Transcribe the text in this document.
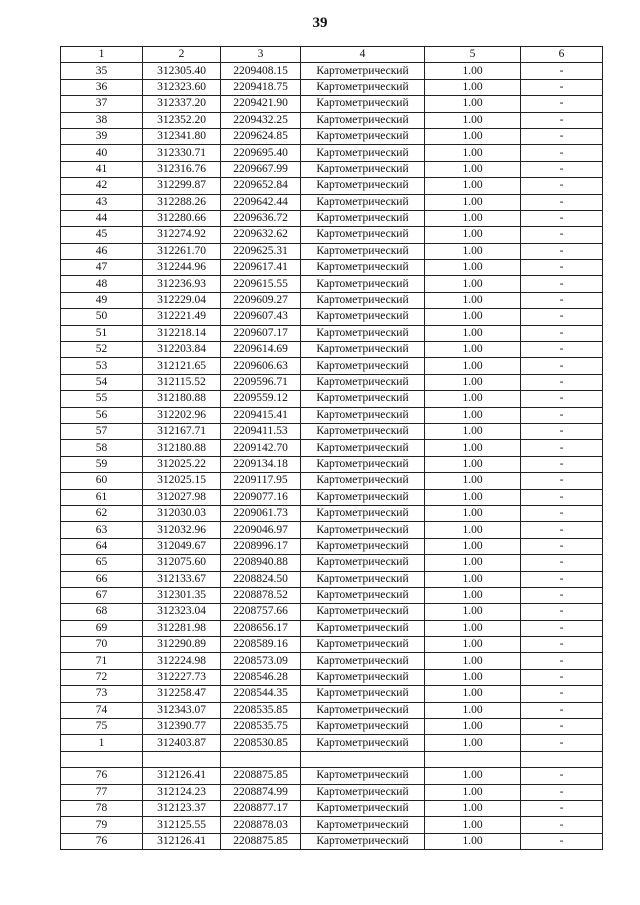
39
1	2	3	4	5	6
35	312305.40	2209408.15	Картометрический	1.00	-
36	312323.60	2209418.75	Картометрический	1.00	-
37	312337.20	2209421.90	Картометрический	1.00	-
38	312352.20	2209432.25	Картометрический	1.00	-
39	312341.80	2209624.85	Картометрический	1.00	-
40	312330.71	2209695.40	Картометрический	1.00	-
41	312316.76	2209667.99	Картометрический	1.00	-
42	312299.87	2209652.84	Картометрический	1.00	-
43	312288.26	2209642.44	Картометрический	1.00	-
44	312280.66	2209636.72	Картометрический	1.00	-
45	312274.92	2209632.62	Картометрический	1.00	-
46	312261.70	2209625.31	Картометрический	1.00	-
47	312244.96	2209617.41	Картометрический	1.00	-
48	312236.93	2209615.55	Картометрический	1.00	-
49	312229.04	2209609.27	Картометрический	1.00	-
50	312221.49	2209607.43	Картометрический	1.00	-
51	312218.14	2209607.17	Картометрический	1.00	-
52	312203.84	2209614.69	Картометрический	1.00	-
53	312121.65	2209606.63	Картометрический	1.00	-
54	312115.52	2209596.71	Картометрический	1.00	-
55	312180.88	2209559.12	Картометрический	1.00	-
56	312202.96	2209415.41	Картометрический	1.00	-
57	312167.71	2209411.53	Картометрический	1.00	-
58	312180.88	2209142.70	Картометрический	1.00	-
59	312025.22	2209134.18	Картометрический	1.00	-
60	312025.15	2209117.95	Картометрический	1.00	-
61	312027.98	2209077.16	Картометрический	1.00	-
62	312030.03	2209061.73	Картометрический	1.00	-
63	312032.96	2209046.97	Картометрический	1.00	-
64	312049.67	2208996.17	Картометрический	1.00	-
65	312075.60	2208940.88	Картометрический	1.00	-
66	312133.67	2208824.50	Картометрический	1.00	-
67	312301.35	2208878.52	Картометрический	1.00	-
68	312323.04	2208757.66	Картометрический	1.00	-
69	312281.98	2208656.17	Картометрический	1.00	-
70	312290.89	2208589.16	Картометрический	1.00	-
71	312224.98	2208573.09	Картометрический	1.00	-
72	312227.73	2208546.28	Картометрический	1.00	-
73	312258.47	2208544.35	Картометрический	1.00	-
74	312343.07	2208535.85	Картометрический	1.00	-
75	312390.77	2208535.75	Картометрический	1.00	-
1	312403.87	2208530.85	Картометрический	1.00	-

76	312126.41	2208875.85	Картометрический	1.00	-
77	312124.23	2208874.99	Картометрический	1.00	-
78	312123.37	2208877.17	Картометрический	1.00	-
79	312125.55	2208878.03	Картометрический	1.00	-
76	312126.41	2208875.85	Картометрический	1.00	-
